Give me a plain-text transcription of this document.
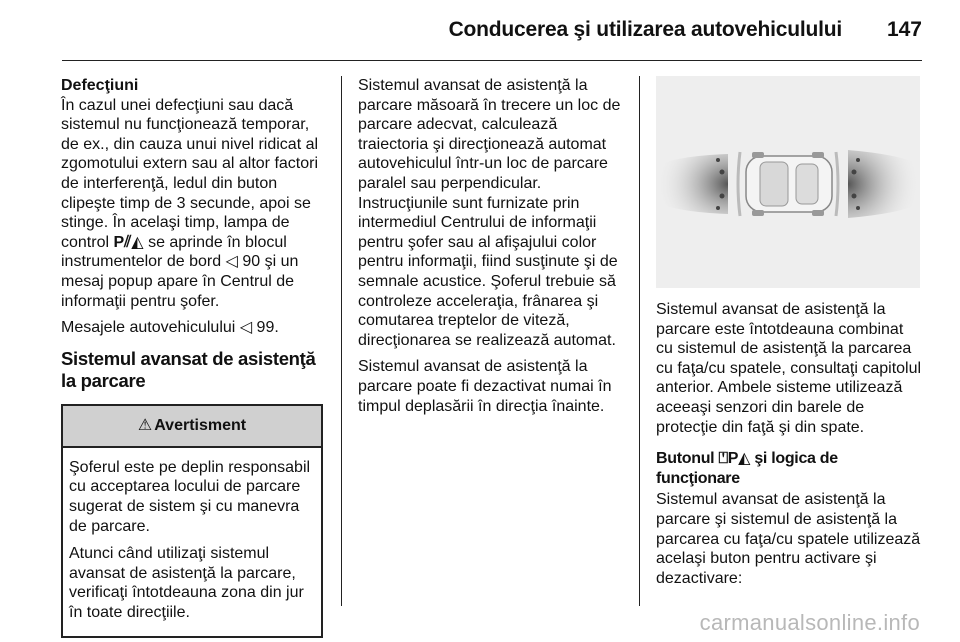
Conducerea şi utilizarea autovehiculului 147
Defecţiuni

În cazul unei defecţiuni sau dacă sistemul nu funcţionează temporar, de ex., din cauza unui nivel ridicat al zgomotului extern sau al altor factori de interferenţă, ledul din buton clipeşte timp de 3 secunde, apoi se stinge. În acelaşi timp, lampa de control P⫽◭ se aprinde în blocul instrumentelor de bord ◁ 90 şi un mesaj popup apare în Centrul de informaţii pentru şofer.

Mesajele autovehiculului ◁ 99.

Sistemul avansat de asistenţă la parcare
⚠ Avertisment

Şoferul este pe deplin responsabil cu acceptarea locului de parcare sugerat de sistem şi cu manevra de parcare.

Atunci când utilizaţi sistemul avansat de asistenţă la parcare, verificaţi întotdeauna zona din jur în toate direcţiile.

Sistemul avansat de asistenţă la parcare măsoară în trecere un loc de parcare adecvat, calculează traiectoria şi direcţionează automat autovehiculul într-un loc de parcare paralel sau perpendicular. Instrucţiunile sunt furnizate prin intermediul Centrului de informaţii pentru şofer sau al afişajului color pentru informaţii, fiind susţinute şi de semnale acustice. Şoferul trebuie să controleze acceleraţia, frânarea şi comutarea treptelor de viteză, direcţionarea se realizează automat.

Sistemul avansat de asistenţă la parcare poate fi dezactivat numai în timpul deplasării în direcţia înainte.

Sistemul avansat de asistenţă la parcare este întotdeauna combinat cu sistemul de asistenţă la parcarea cu faţa/cu spatele, consultaţi capitolul anterior. Ambele sisteme utilizează aceeaşi senzori din barele de protecţie din faţă şi din spate.

Butonul ⍞P◭ şi logica de funcţionare

Sistemul avansat de asistenţă la parcare şi sistemul de asistenţă la parcarea cu faţa/cu spatele utilizează acelaşi buton pentru activare şi dezactivare:

carmanualsonline.info
